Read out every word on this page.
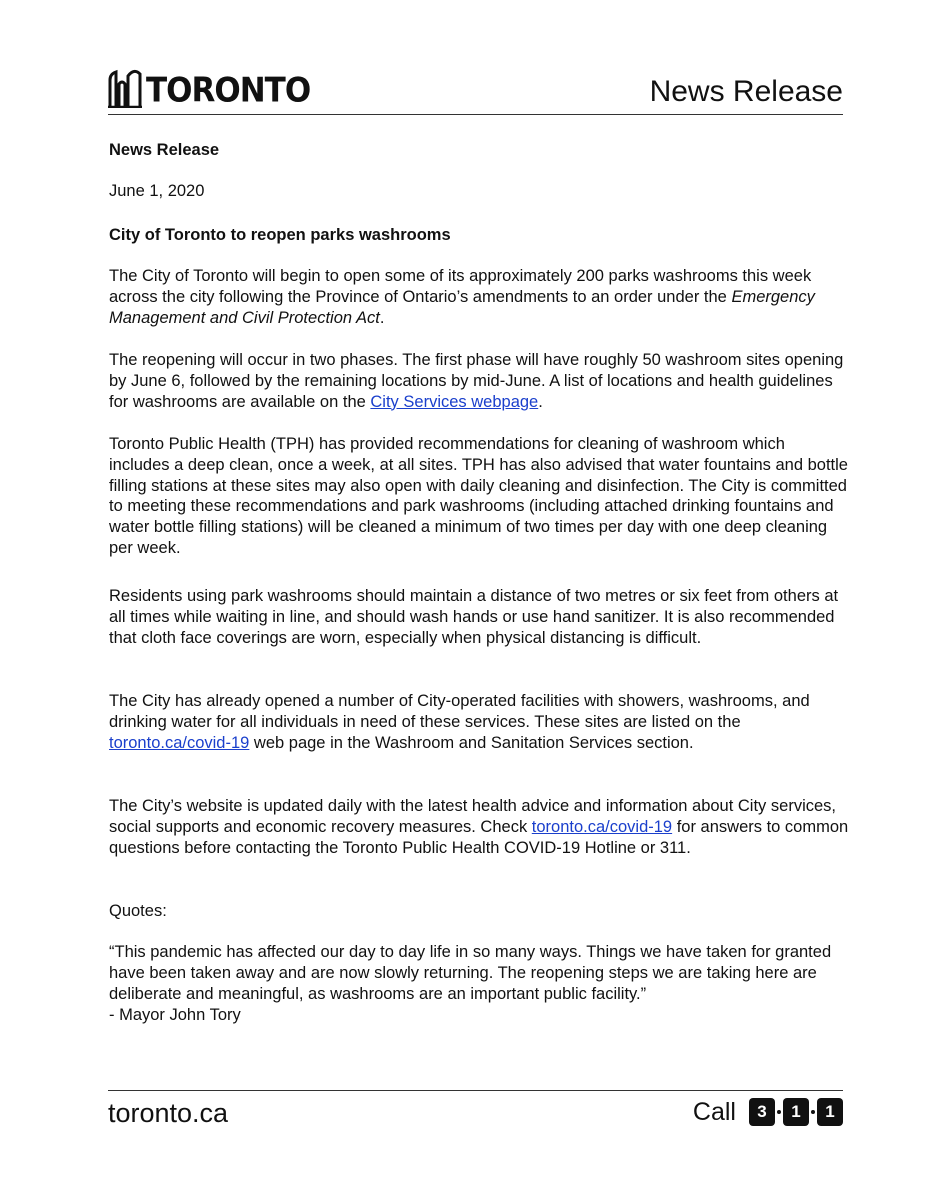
TORONTO	News Release

News Release

June 1, 2020

City of Toronto to reopen parks washrooms

The City of Toronto will begin to open some of its approximately 200 parks washrooms this week across the city following the Province of Ontario’s amendments to an order under the Emergency Management and Civil Protection Act.

The reopening will occur in two phases. The first phase will have roughly 50 washroom sites opening by June 6, followed by the remaining locations by mid-June. A list of locations and health guidelines for washrooms are available on the City Services webpage.

Toronto Public Health (TPH) has provided recommendations for cleaning of washroom which includes a deep clean, once a week, at all sites. TPH has also advised that water fountains and bottle filling stations at these sites may also open with daily cleaning and disinfection. The City is committed to meeting these recommendations and park washrooms (including attached drinking fountains and water bottle filling stations) will be cleaned a minimum of two times per day with one deep cleaning per week.

Residents using park washrooms should maintain a distance of two metres or six feet from others at all times while waiting in line, and should wash hands or use hand sanitizer. It is also recommended that cloth face coverings are worn, especially when physical distancing is difficult.

The City has already opened a number of City-operated facilities with showers, washrooms, and drinking water for all individuals in need of these services. These sites are listed on the toronto.ca/covid-19 web page in the Washroom and Sanitation Services section.

The City’s website is updated daily with the latest health advice and information about City services, social supports and economic recovery measures. Check toronto.ca/covid-19 for answers to common questions before contacting the Toronto Public Health COVID-19 Hotline or 311.

Quotes:

“This pandemic has affected our day to day life in so many ways. Things we have taken for granted have been taken away and are now slowly returning. The reopening steps we are taking here are deliberate and meaningful, as washrooms are an important public facility.”

- Mayor John Tory

toronto.ca	Call	3	1	1
